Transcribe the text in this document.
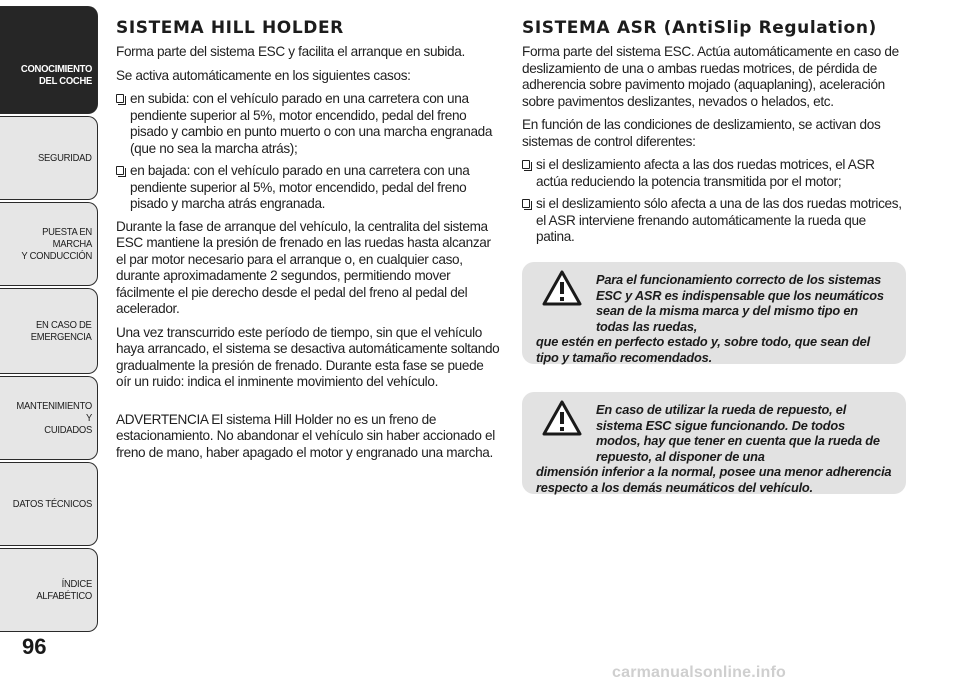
CONOCIMIENTO
DEL COCHE
SEGURIDAD
PUESTA EN MARCHA
Y CONDUCCIÓN
EN CASO DE
EMERGENCIA
MANTENIMIENTO Y
CUIDADOS
DATOS TÉCNICOS
ÍNDICE ALFABÉTICO
96
SISTEMA HILL HOLDER

Forma parte del sistema ESC y facilita el arranque en subida.

Se activa automáticamente en los siguientes casos:

en subida: con el vehículo parado en una carretera con una pendiente superior al 5%, motor encendido, pedal del freno pisado y cambio en punto muerto o con una marcha engranada (que no sea la marcha atrás);

en bajada: con el vehículo parado en una carretera con una pendiente superior al 5%, motor encendido, pedal del freno pisado y marcha atrás engranada.

Durante la fase de arranque del vehículo, la centralita del sistema ESC mantiene la presión de frenado en las ruedas hasta alcanzar el par motor necesario para el arranque o, en cualquier caso, durante aproximadamente 2 segundos, permitiendo mover fácilmente el pie derecho desde el pedal del freno al pedal del acelerador.

Una vez transcurrido este período de tiempo, sin que el vehículo haya arrancado, el sistema se desactiva automáticamente soltando gradualmente la presión de frenado. Durante esta fase se puede oír un ruido: indica el inminente movimiento del vehículo.

ADVERTENCIA El sistema Hill Holder no es un freno de estacionamiento. No abandonar el vehículo sin haber accionado el freno de mano, haber apagado el motor y engranado una marcha.

SISTEMA ASR (AntiSlip Regulation)

Forma parte del sistema ESC. Actúa automáticamente en caso de deslizamiento de una o ambas ruedas motrices, de pérdida de adherencia sobre pavimento mojado (aquaplaning), aceleración sobre pavimentos deslizantes, nevados o helados, etc.

En función de las condiciones de deslizamiento, se activan dos sistemas de control diferentes:

si el deslizamiento afecta a las dos ruedas motrices, el ASR actúa reduciendo la potencia transmitida por el motor;

si el deslizamiento sólo afecta a una de las dos ruedas motrices, el ASR interviene frenando automáticamente la rueda que patina.

Para el funcionamiento correcto de los sistemas ESC y ASR es indispensable que los neumáticos sean de la misma marca y del mismo tipo en todas las ruedas,
que estén en perfecto estado y, sobre todo, que sean del tipo y tamaño recomendados.
En caso de utilizar la rueda de repuesto, el sistema ESC sigue funcionando. De todos modos, hay que tener en cuenta que la rueda de repuesto, al disponer de una
dimensión inferior a la normal, posee una menor adherencia respecto a los demás neumáticos del vehículo.
carmanualsonline.info
